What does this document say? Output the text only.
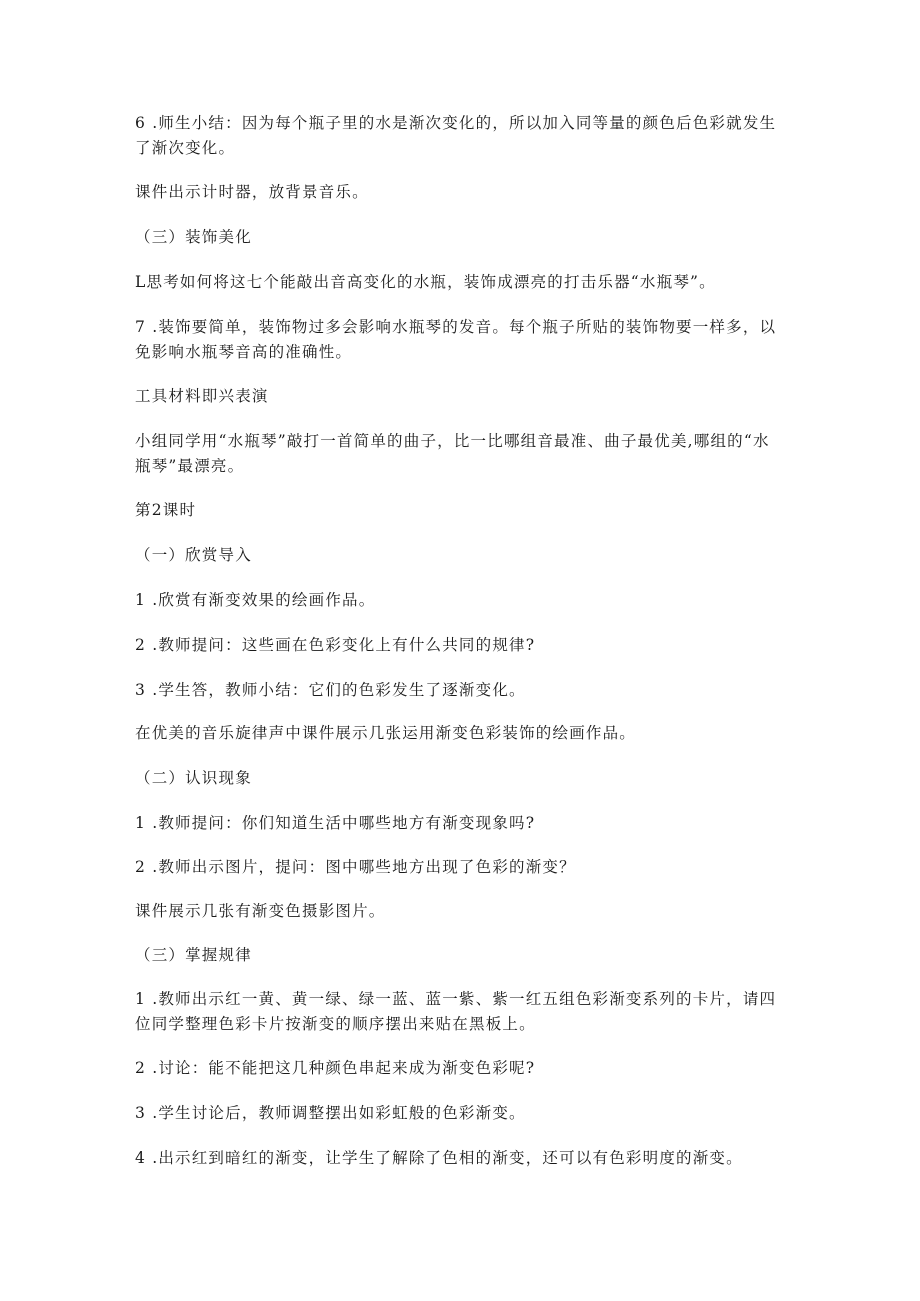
6 .师生小结：因为每个瓶子里的水是渐次变化的，所以加入同等量的颜色后色彩就发生了渐次变化。

课件出示计时器，放背景音乐。

（三）装饰美化

L思考如何将这七个能敲出音高变化的水瓶，装饰成漂亮的打击乐器“水瓶琴”。

7 .装饰要简单，装饰物过多会影响水瓶琴的发音。每个瓶子所贴的装饰物要一样多，以免影响水瓶琴音高的准确性。

工具材料即兴表演

小组同学用“水瓶琴”敲打一首简单的曲子，比一比哪组音最准、曲子最优美,哪组的“水瓶琴”最漂亮。

第2课时

（一）欣赏导入

1 .欣赏有渐变效果的绘画作品。

2 .教师提问：这些画在色彩变化上有什么共同的规律?

3 .学生答，教师小结：它们的色彩发生了逐渐变化。

在优美的音乐旋律声中课件展示几张运用渐变色彩装饰的绘画作品。

（二）认识现象

1 .教师提问：你们知道生活中哪些地方有渐变现象吗?

2 .教师出示图片，提问：图中哪些地方出现了色彩的渐变？

课件展示几张有渐变色摄影图片。

（三）掌握规律

1 .教师出示红一黄、黄一绿、绿一蓝、蓝一紫、紫一红五组色彩渐变系列的卡片，请四位同学整理色彩卡片按渐变的顺序摆出来贴在黑板上。

2 .讨论：能不能把这几种颜色串起来成为渐变色彩呢?

3 .学生讨论后，教师调整摆出如彩虹般的色彩渐变。

4 .出示红到暗红的渐变，让学生了解除了色相的渐变，还可以有色彩明度的渐变。
